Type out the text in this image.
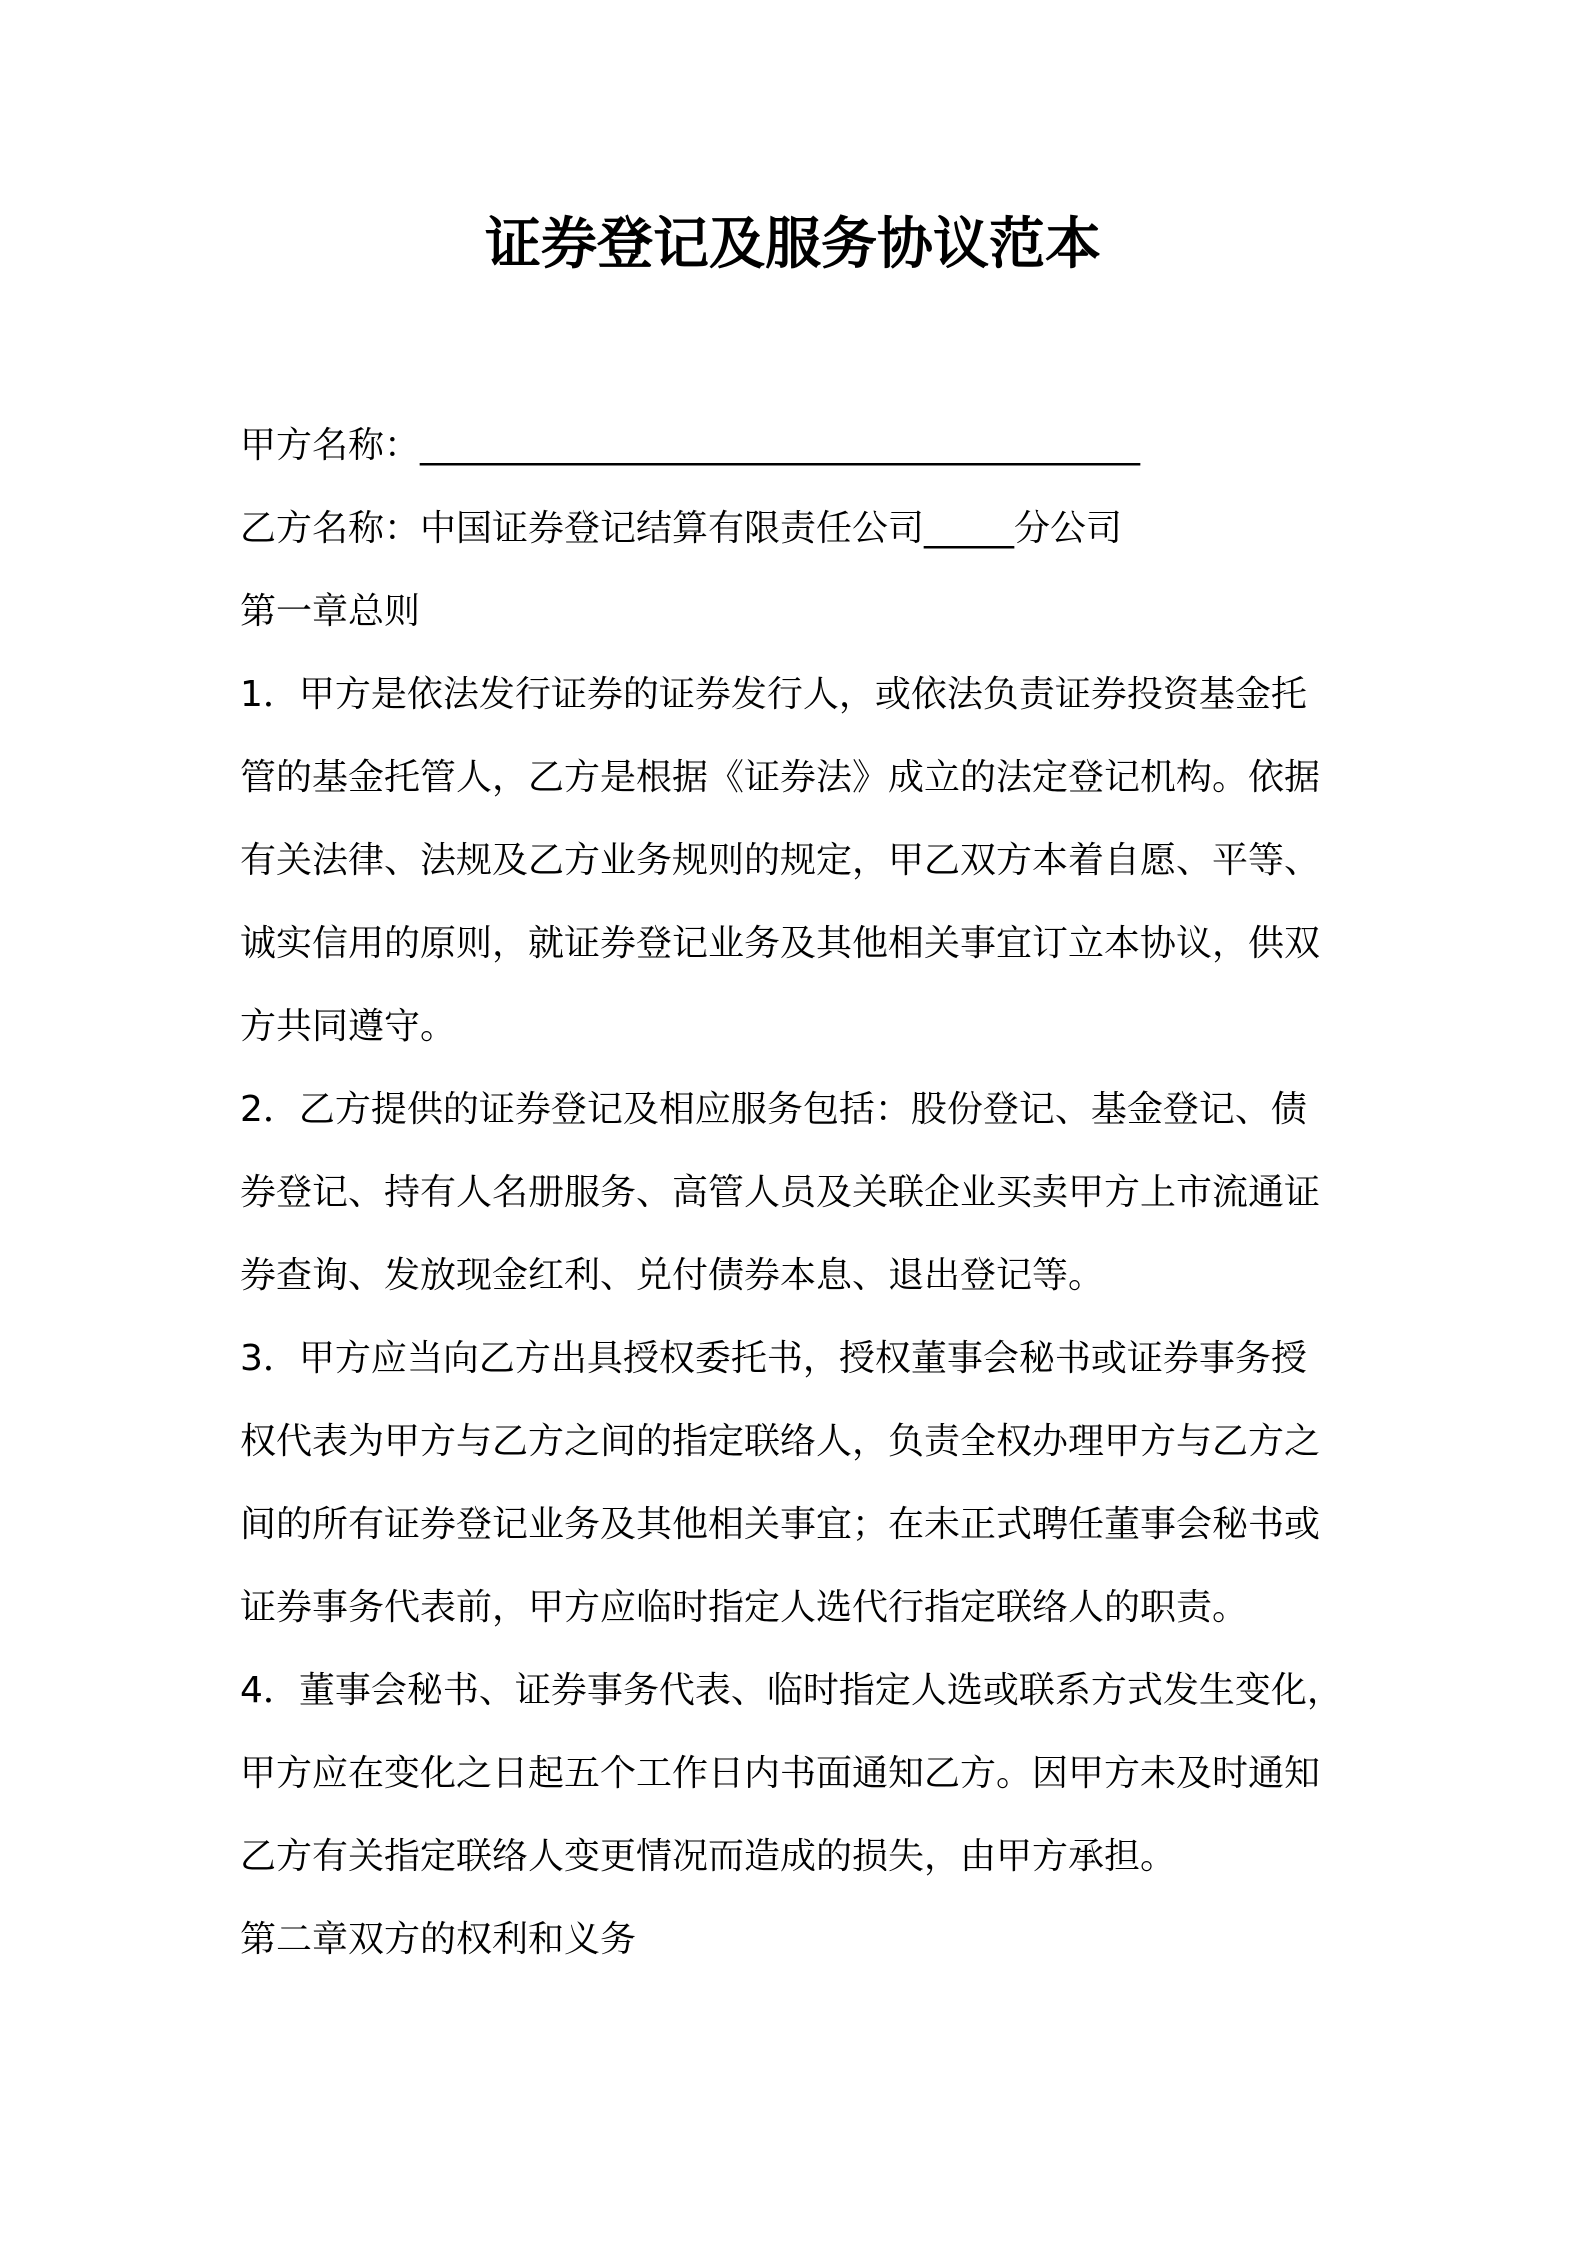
证券登记及服务协议范本
甲方名称：________________________________________
乙方名称：中国证券登记结算有限责任公司_____分公司
第一章总则
1．甲方是依法发行证券的证券发行人，或依法负责证券投资基金托
管的基金托管人，乙方是根据《证券法》成立的法定登记机构。依据
有关法律、法规及乙方业务规则的规定，甲乙双方本着自愿、平等、
诚实信用的原则，就证券登记业务及其他相关事宜订立本协议，供双
方共同遵守。
2．乙方提供的证券登记及相应服务包括：股份登记、基金登记、债
券登记、持有人名册服务、高管人员及关联企业买卖甲方上市流通证
券查询、发放现金红利、兑付债券本息、退出登记等。
3．甲方应当向乙方出具授权委托书，授权董事会秘书或证券事务授
权代表为甲方与乙方之间的指定联络人，负责全权办理甲方与乙方之
间的所有证券登记业务及其他相关事宜；在未正式聘任董事会秘书或
证券事务代表前，甲方应临时指定人选代行指定联络人的职责。
4．董事会秘书、证券事务代表、临时指定人选或联系方式发生变化，
甲方应在变化之日起五个工作日内书面通知乙方。因甲方未及时通知
乙方有关指定联络人变更情况而造成的损失，由甲方承担。
第二章双方的权利和义务
